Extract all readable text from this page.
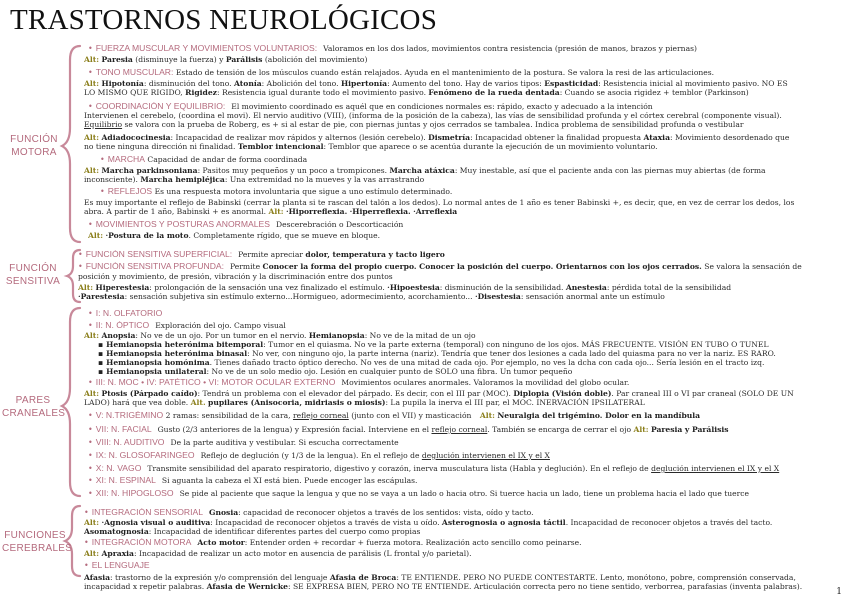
TRASTORNOS NEUROLÓGICOS
FUNCIÓN
MOTORA
FUNCIÓN
SENSITIVA
PARES
CRANEALES
FUNCIONES
CEREBRALES
• FUERZA MUSCULAR Y MOVIMIENTOS VOLUNTARIOS: Valoramos en los dos lados, movimientos contra resistencia (presión de manos, brazos y piernas)
Alt: Paresia (disminuye la fuerza) y Parálisis (abolición del movimiento)
• TONO MUSCULAR: Estado de tensión de los músculos cuando están relajados. Ayuda en el mantenimiento de la postura. Se valora la resi de las articulaciones.
Alt: Hipotonía: disminución del tono. Atonía: Abolición del tono. Hipertonía: Aumento del tono. Hay de varios tipos: Espasticidad: Resistencia inicial al movimiento pasivo. NO ES
LO MISMO QUE RIGIDO, Rigidez: Resistencia igual durante todo el movimiento pasivo. Fenómeno de la rueda dentada: Cuando se asocia rigidez + temblor (Parkinson)
• COORDINACIÓN Y EQUILIBRIO: El movimiento coordinado es aquél que en condiciones normales es: rápido, exacto y adecuado a la intención
Intervienen el cerebelo, (coordina el movi). El nervio auditivo (VIII), (informa de la posición de la cabeza), las vías de sensibilidad profunda y el córtex cerebral (componente visual).
Equilibrio se valora con la prueba de Roberg, es + si al estar de pie, con piernas juntas y ojos cerrados se tambalea. Indica problema de sensibilidad profunda o vestibular
Alt: Adiadococinesia: Incapacidad de realizar mov rápidos y alternos (lesión cerebelo). Dismetría: Incapacidad obtener la finalidad propuesta Ataxia: Movimiento desordenado que
no tiene ninguna dirección ni finalidad. Temblor intencional: Temblor que aparece o se acentúa durante la ejecución de un movimiento voluntario.
• MARCHA Capacidad de andar de forma coordinada
Alt: Marcha parkinsoniana: Pasitos muy pequeños y un poco a trompicones. Marcha atáxica: Muy inestable, así que el paciente anda con las piernas muy abiertas (de forma
inconsciente). Marcha hemipléjica: Una extremidad no la mueves y la vas arrastrando
• REFLEJOS Es una respuesta motora involuntaria que sigue a uno estímulo determinado.
Es muy importante el reflejo de Babinski (cerrar la planta si te rascan del talón a los dedos). Lo normal antes de 1 año es tener Babinski +, es decir, que, en vez de cerrar los dedos, los
abra. A partir de 1 año, Babinski + es anormal. Alt: ·Hiporreflexia. ·Hiperreflexia. ·Arreflexia
• MOVIMIENTOS Y POSTURAS ANORMALES Descerebración o Descorticación
Alt: ·Postura de la moto. Completamente rígido, que se mueve en bloque.
• FUNCIÓN SENSITIVA SUPERFICIAL: Permite apreciar dolor, temperatura y tacto ligero
• FUNCIÓN SENSITIVA PROFUNDA: Permite Conocer la forma del propio cuerpo. Conocer la posición del cuerpo. Orientarnos con los ojos cerrados. Se valora la sensación de
posición y movimiento, de presión, vibración y la discriminación entre dos puntos
Alt: Hiperestesia: prolongación de la sensación una vez finalizado el estímulo. ·Hipoestesia: disminución de la sensibilidad. Anestesia: pérdida total de la sensibilidad
·Parestesia: sensación subjetiva sin estímulo externo...Hormigueo, adormecimiento, acorchamiento... ·Disestesia: sensación anormal ante un estímulo
• I: N. OLFATORIO
• II: N. ÓPTICO Exploración del ojo. Campo visual
Alt: Anopsia: No ve de un ojo. Por un tumor en el nervio. Hemianopsia: No ve de la mitad de un ojo
▪ Hemianopsia heterónima bitemporal: Tumor en el quiasma. No ve la parte externa (temporal) con ninguno de los ojos. MÁS FRECUENTE. VISIÓN EN TUBO O TUNEL
▪ Hemianopsia heterónima binasal: No ver, con ninguno ojo, la parte interna (nariz). Tendría que tener dos lesiones a cada lado del quiasma para no ver la nariz. ES RARO.
▪ Hemianopsia homónima. Tienes dañado tracto óptico derecho. No ves de una mitad de cada ojo. Por ejemplo, no ves la dcha con cada ojo... Sería lesión en el tracto izq.
▪ Hemianopsia unilateral: No ve de un solo medio ojo. Lesión en cualquier punto de SOLO una fibra. Un tumor pequeño
• III: N. MOC • IV: PATÉTICO • VI: MOTOR OCULAR EXTERNO Movimientos oculares anormales. Valoramos la movilidad del globo ocular.
Alt: Ptosis (Párpado caído): Tendrá un problema con el elevador del párpado. Es decir, con el III par (MOC). Diplopia (Visión doble). Par craneal III o VI par craneal (SOLO DE UN
LADO) hará que vea doble. Alt. pupilares (Anisocoria, midriasis o miosis): La pupila la inerva el III par, el MOC. INERVACIÓN IPSILATERAL
• V: N.TRIGÉMINO 2 ramas: sensibilidad de la cara, reflejo corneal (junto con el VII) y masticación Alt: Neuralgia del trigémino. Dolor en la mandíbula
• VII: N. FACIAL Gusto (2/3 anteriores de la lengua) y Expresión facial. Interviene en el reflejo corneal. También se encarga de cerrar el ojo Alt: Paresia y Parálisis
• VIII: N. AUDITIVO De la parte auditiva y vestibular. Si escucha correctamente
• IX: N. GLOSOFARINGEO Reflejo de deglución (y 1/3 de la lengua). En el reflejo de deglución intervienen el IX y el X
• X: N. VAGO Transmite sensibilidad del aparato respiratorio, digestivo y corazón, inerva musculatura lista (Habla y deglución). En el reflejo de deglución intervienen el IX y el X
• XI: N. ESPINAL Si aguanta la cabeza el XI está bien. Puede encoger las escápulas.
• XII: N. HIPOGLOSO Se pide al paciente que saque la lengua y que no se vaya a un lado o hacia otro. Si tuerce hacia un lado, tiene un problema hacia el lado que tuerce
• INTEGRACIÓN SENSORIAL Gnosia: capacidad de reconocer objetos a través de los sentidos: vista, oído y tacto.
Alt: ·Agnosia visual o auditiva: Incapacidad de reconocer objetos a través de vista u oído. Asterognosia o agnosia táctil. Incapacidad de reconocer objetos a través del tacto.
Asomatognosia: Incapacidad de identificar diferentes partes del cuerpo como propias
• INTEGRACIÓN MOTORA Acto motor: Entender orden + recordar + fuerza motora. Realización acto sencillo como peinarse.
Alt: Apraxia: Incapacidad de realizar un acto motor en ausencia de parálisis (L frontal y/o parietal).
• EL LENGUAJE
Afasia: trastorno de la expresión y/o comprensión del lenguaje Afasia de Broca: TE ENTIENDE. PERO NO PUEDE CONTESTARTE. Lento, monótono, pobre, comprensión conservada,
incapacidad x repetir palabras. Afasia de Wernicke: SE EXPRESA BIEN, PERO NO TE ENTIENDE. Articulación correcta pero no tiene sentido, verborrea, parafasias (inventa palabras).
1
